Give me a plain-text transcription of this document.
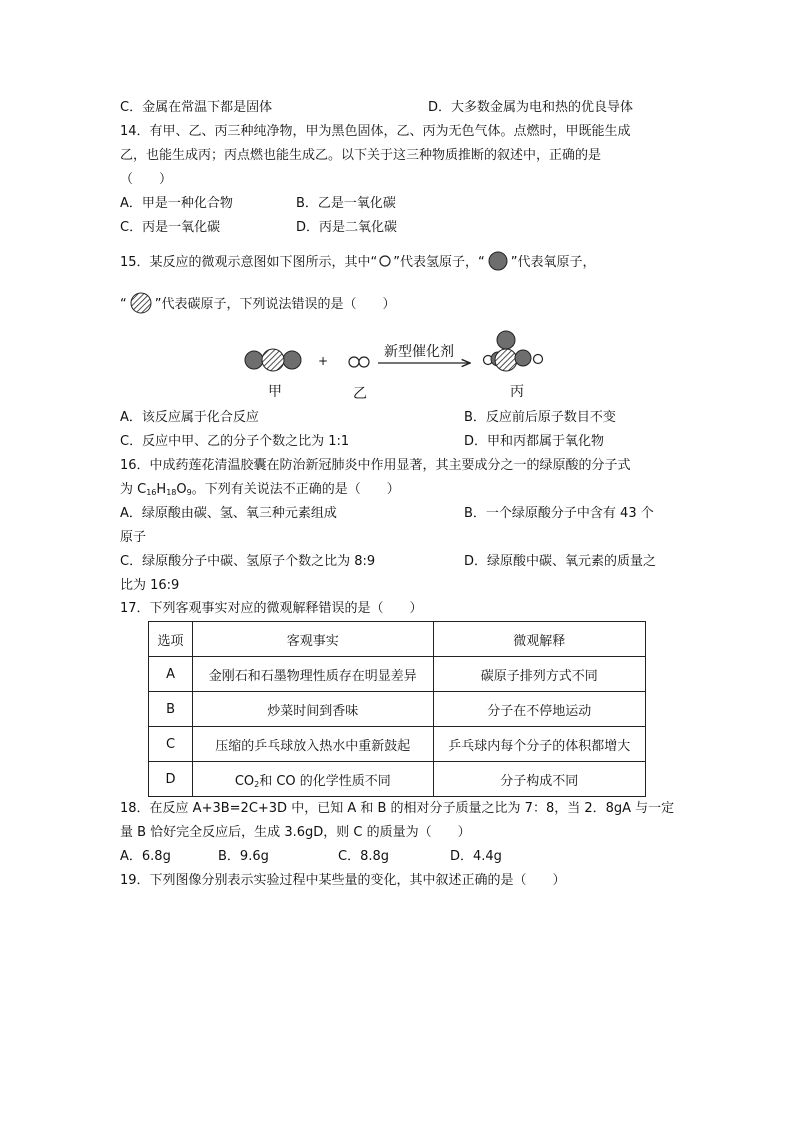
C．金属在常温下都是固体	D．大多数金属为电和热的优良导体
14．有甲、乙、丙三种纯净物，甲为黑色固体，乙、丙为无色气体。点燃时，甲既能生成
乙，也能生成丙；丙点燃也能生成乙。以下关于这三种物质推断的叙述中，正确的是
（　　）
A．甲是一种化合物	B．乙是一氧化碳
C．丙是一氧化碳	D．丙是二氧化碳
15．某反应的微观示意图如下图所示，其中“ ”代表氢原子，“ ”代表氧原子，
“ ”代表碳原子，下列说法错误的是（　　）
甲
+
乙
新型催化剂
丙
A．该反应属于化合反应	B．反应前后原子数目不变
C．反应中甲、乙的分子个数之比为 1:1	D．甲和丙都属于氧化物
16．中成药莲花清温胶囊在防治新冠肺炎中作用显著，其主要成分之一的绿原酸的分子式
为 $C_{16}H_{18}O_9$。下列有关说法不正确的是（　　）
A．绿原酸由碳、氢、氧三种元素组成	B．一个绿原酸分子中含有 43 个
原子
C．绿原酸分子中碳、氢原子个数之比为 8:9	D．绿原酸中碳、氧元素的质量之
比为 16:9
17．下列客观事实对应的微观解释错误的是（　　）
选项	客观事实	微观解释
A	金刚石和石墨物理性质存在明显差异	碳原子排列方式不同
B	炒菜时间到香味	分子在不停地运动
C	压缩的乒乓球放入热水中重新鼓起	乒乓球内每个分子的体积都增大
D	$CO_2$和 CO 的化学性质不同	分子构成不同
18．在反应 A+3B=2C+3D 中，已知 A 和 B 的相对分子质量之比为 7：8，当 2．8gA 与一定
量 B 恰好完全反应后，生成 3.6gD，则 C 的质量为（　　）
A．6.8g	B．9.6g	C．8.8g	D．4.4g
19．下列图像分别表示实验过程中某些量的变化，其中叙述正确的是（　　）
